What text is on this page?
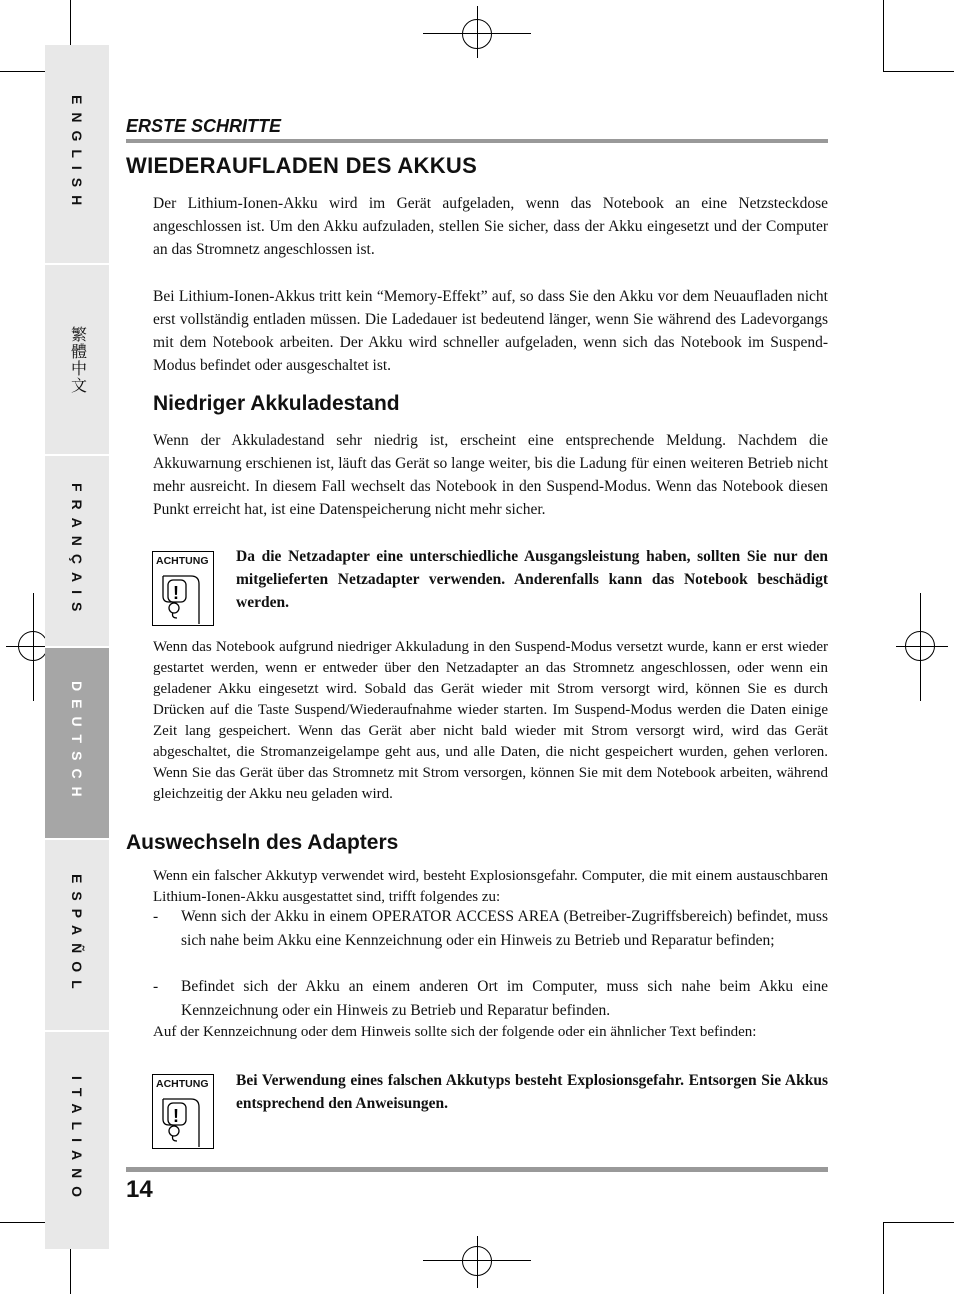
ENGLISH
繁體中文
FRANÇAIS
DEUTSCH
ESPAÑOL
ITALIANO
ERSTE SCHRITTE
WIEDERAUFLADEN DES AKKUS
Der Lithium-Ionen-Akku wird im Gerät aufgeladen, wenn das Notebook an eine Netzsteckdose angeschlossen ist. Um den Akku aufzuladen, stellen Sie sicher, dass der Akku eingesetzt und der Computer an das Stromnetz angeschlossen ist.
Bei Lithium-Ionen-Akkus tritt kein “Memory-Effekt” auf, so dass Sie den Akku vor dem Neuaufladen nicht erst vollständig entladen müssen. Die Ladedauer ist bedeutend länger, wenn Sie während des Ladevorgangs mit dem Notebook arbeiten. Der Akku wird schneller aufgeladen, wenn sich das Notebook im Suspend-Modus befindet oder ausgeschaltet ist.
Niedriger Akkuladestand
Wenn der Akkuladestand sehr niedrig ist, erscheint eine entsprechende Meldung. Nachdem die Akkuwarnung erschienen ist, läuft das Gerät so lange weiter, bis die Ladung für einen weiteren Betrieb nicht mehr ausreicht. In diesem Fall wechselt das Notebook in den Suspend-Modus. Wenn das Notebook diesen Punkt erreicht hat, ist eine Datenspeicherung nicht mehr sicher.
ACHTUNG
!
Da die Netzadapter eine unterschiedliche Ausgangsleistung haben, sollten Sie nur den mitgelieferten Netzadapter verwenden. Anderenfalls kann das Notebook beschädigt werden.
Wenn das Notebook aufgrund niedriger Akkuladung in den Suspend-Modus versetzt wurde, kann er erst wieder gestartet werden, wenn er entweder über den Netzadapter an das Stromnetz angeschlossen, oder wenn ein geladener Akku eingesetzt wird. Sobald das Gerät wieder mit Strom versorgt wird, können Sie es durch Drücken auf die Taste Suspend/Wiederaufnahme wieder starten. Im Suspend-Modus werden die Daten einige Zeit lang gespeichert. Wenn das Gerät aber nicht bald wieder mit Strom versorgt wird, wird das Gerät abgeschaltet, die Stromanzeigelampe geht aus, und alle Daten, die nicht gespeichert wurden, gehen verloren. Wenn Sie das Gerät über das Stromnetz mit Strom versorgen, können Sie mit dem Notebook arbeiten, während gleichzeitig der Akku neu geladen wird.
Auswechseln des Adapters
Wenn ein falscher Akkutyp verwendet wird, besteht Explosionsgefahr. Computer, die mit einem austauschbaren Lithium-Ionen-Akku ausgestattet sind, trifft folgendes zu:
- Wenn sich der Akku in einem OPERATOR ACCESS AREA (Betreiber-Zugriffsbereich) befindet, muss sich nahe beim Akku eine Kennzeichnung oder ein Hinweis zu Betrieb und Reparatur befinden;
- Befindet sich der Akku an einem anderen Ort im Computer, muss sich nahe beim Akku eine Kennzeichnung oder ein Hinweis zu Betrieb und Reparatur befinden.
Auf der Kennzeichnung oder dem Hinweis sollte sich der folgende oder ein ähnlicher Text befinden:
ACHTUNG
!
Bei Verwendung eines falschen Akkutyps besteht Explosionsgefahr. Entsorgen Sie Akkus entsprechend den Anweisungen.
14
